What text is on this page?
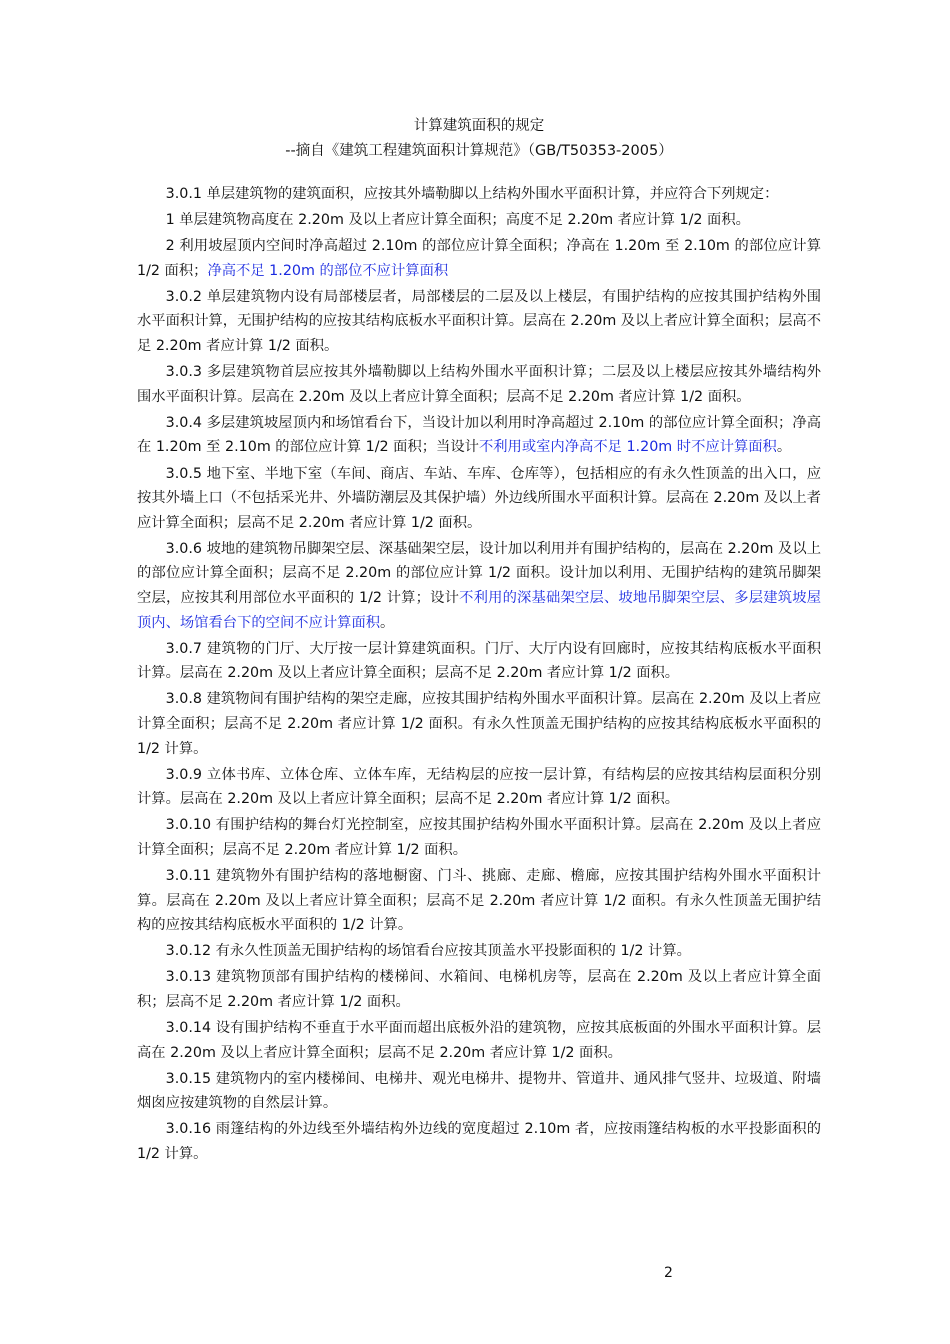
计算建筑面积的规定
--摘自《建筑工程建筑面积计算规范》（GB/T50353-2005）

3.0.1 单层建筑物的建筑面积，应按其外墙勒脚以上结构外围水平面积计算，并应符合下列规定：

1 单层建筑物高度在 2.20m 及以上者应计算全面积；高度不足 2.20m 者应计算 1/2 面积。

2 利用坡屋顶内空间时净高超过 2.10m 的部位应计算全面积；净高在 1.20m 至 2.10m 的部位应计算 1/2 面积；净高不足 1.20m 的部位不应计算面积

3.0.2 单层建筑物内设有局部楼层者，局部楼层的二层及以上楼层，有围护结构的应按其围护结构外围水平面积计算，无围护结构的应按其结构底板水平面积计算。层高在 2.20m 及以上者应计算全面积；层高不足 2.20m 者应计算 1/2 面积。

3.0.3 多层建筑物首层应按其外墙勒脚以上结构外围水平面积计算；二层及以上楼层应按其外墙结构外围水平面积计算。层高在 2.20m 及以上者应计算全面积；层高不足 2.20m 者应计算 1/2 面积。

3.0.4 多层建筑坡屋顶内和场馆看台下，当设计加以利用时净高超过 2.10m 的部位应计算全面积；净高在 1.20m 至 2.10m 的部位应计算 1/2 面积；当设计不利用或室内净高不足 1.20m 时不应计算面积。

3.0.5 地下室、半地下室（车间、商店、车站、车库、仓库等），包括相应的有永久性顶盖的出入口，应按其外墙上口（不包括采光井、外墙防潮层及其保护墙）外边线所围水平面积计算。层高在 2.20m 及以上者应计算全面积；层高不足 2.20m 者应计算 1/2 面积。

3.0.6 坡地的建筑物吊脚架空层、深基础架空层，设计加以利用并有围护结构的，层高在 2.20m 及以上的部位应计算全面积；层高不足 2.20m 的部位应计算 1/2 面积。设计加以利用、无围护结构的建筑吊脚架空层，应按其利用部位水平面积的 1/2 计算；设计不利用的深基础架空层、坡地吊脚架空层、多层建筑坡屋顶内、场馆看台下的空间不应计算面积。

3.0.7 建筑物的门厅、大厅按一层计算建筑面积。门厅、大厅内设有回廊时，应按其结构底板水平面积计算。层高在 2.20m 及以上者应计算全面积；层高不足 2.20m 者应计算 1/2 面积。

3.0.8 建筑物间有围护结构的架空走廊，应按其围护结构外围水平面积计算。层高在 2.20m 及以上者应计算全面积；层高不足 2.20m 者应计算 1/2 面积。有永久性顶盖无围护结构的应按其结构底板水平面积的 1/2 计算。

3.0.9 立体书库、立体仓库、立体车库，无结构层的应按一层计算，有结构层的应按其结构层面积分别计算。层高在 2.20m 及以上者应计算全面积；层高不足 2.20m 者应计算 1/2 面积。

3.0.10 有围护结构的舞台灯光控制室，应按其围护结构外围水平面积计算。层高在 2.20m 及以上者应计算全面积；层高不足 2.20m 者应计算 1/2 面积。

3.0.11 建筑物外有围护结构的落地橱窗、门斗、挑廊、走廊、檐廊，应按其围护结构外围水平面积计算。层高在 2.20m 及以上者应计算全面积；层高不足 2.20m 者应计算 1/2 面积。有永久性顶盖无围护结构的应按其结构底板水平面积的 1/2 计算。

3.0.12 有永久性顶盖无围护结构的场馆看台应按其顶盖水平投影面积的 1/2 计算。

3.0.13 建筑物顶部有围护结构的楼梯间、水箱间、电梯机房等，层高在 2.20m 及以上者应计算全面积；层高不足 2.20m 者应计算 1/2 面积。

3.0.14 设有围护结构不垂直于水平面而超出底板外沿的建筑物，应按其底板面的外围水平面积计算。层高在 2.20m 及以上者应计算全面积；层高不足 2.20m 者应计算 1/2 面积。

3.0.15 建筑物内的室内楼梯间、电梯井、观光电梯井、提物井、管道井、通风排气竖井、垃圾道、附墙烟囱应按建筑物的自然层计算。

3.0.16 雨篷结构的外边线至外墙结构外边线的宽度超过 2.10m 者，应按雨篷结构板的水平投影面积的 1/2 计算。

2
